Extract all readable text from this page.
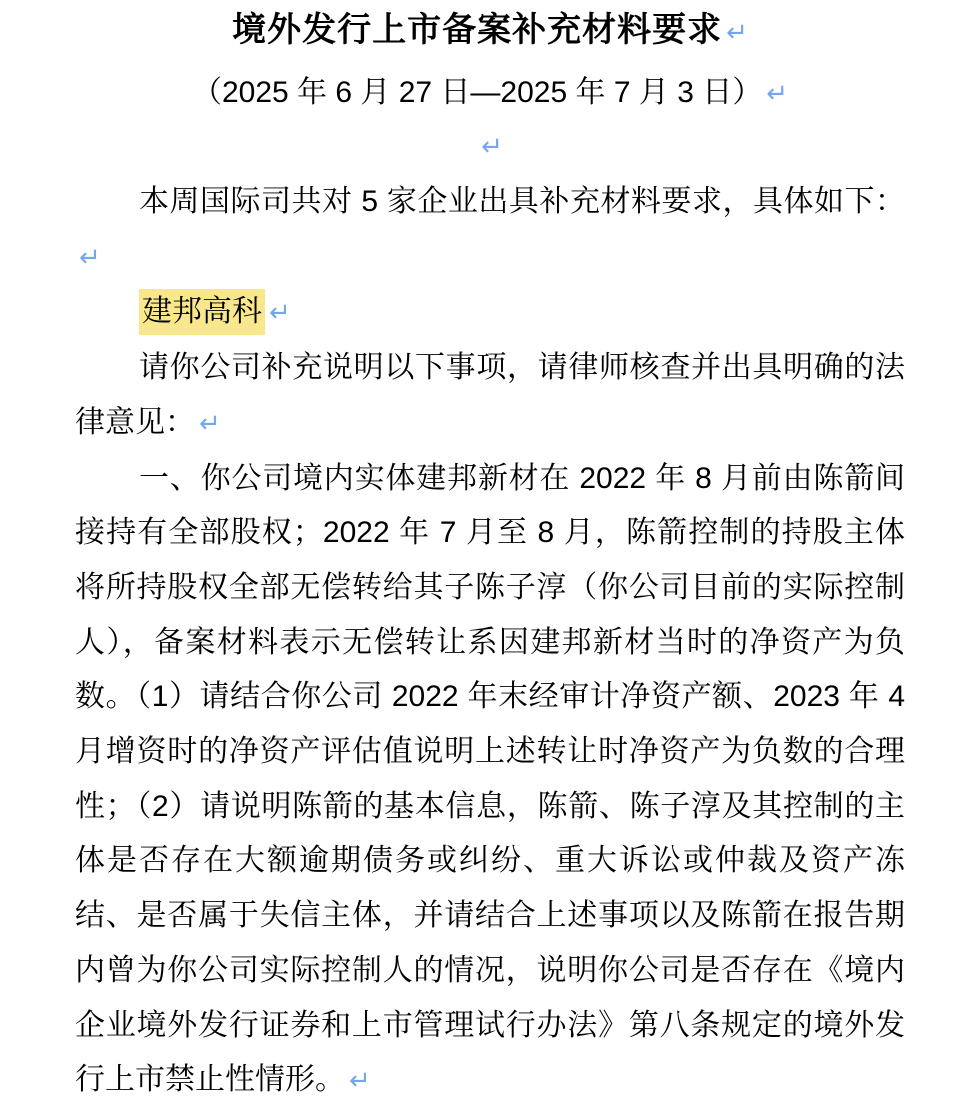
境外发行上市备案补充材料要求 ↵

（2025 年 6 月 27 日—2025 年 7 月 3 日） ↵

↵

本周国际司共对 5 家企业出具补充材料要求，具体如下：↵

建邦高科 ↵

请你公司补充说明以下事项，请律师核查并出具明确的法律意见： ↵

一、你公司境内实体建邦新材在 2022 年 8 月前由陈箭间接持有全部股权；2022 年 7 月至 8 月，陈箭控制的持股主体将所持股权全部无偿转给其子陈子淳（你公司目前的实际控制人），备案材料表示无偿转让系因建邦新材当时的净资产为负数。（1）请结合你公司 2022 年末经审计净资产额、2023 年 4 月增资时的净资产评估值说明上述转让时净资产为负数的合理性；（2）请说明陈箭的基本信息，陈箭、陈子淳及其控制的主体是否存在大额逾期债务或纠纷、重大诉讼或仲裁及资产冻结、是否属于失信主体，并请结合上述事项以及陈箭在报告期内曾为你公司实际控制人的情况，说明你公司是否存在《境内企业境外发行证券和上市管理试行办法》第八条规定的境外发行上市禁止性情形。 ↵
